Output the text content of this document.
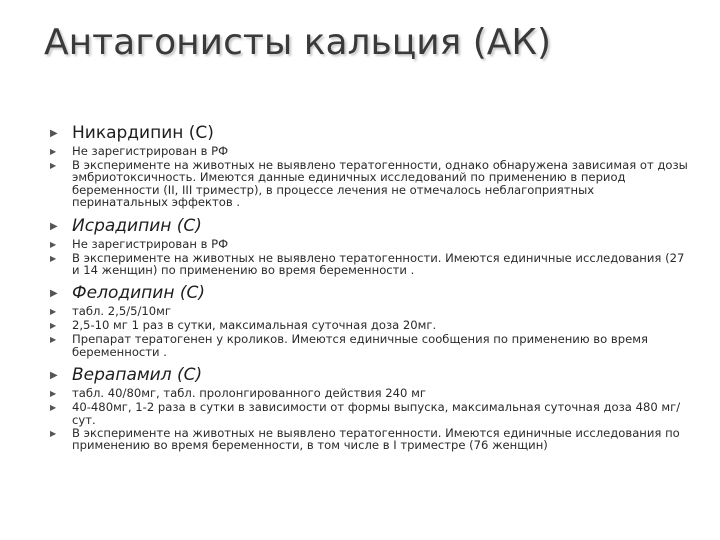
Антагонисты кальция (АК)
▶ Никардипин (С)
▶	Не зарегистрирован в РФ
▶	В эксперименте на животных не выявлено тератогенности, однако обнаружена зависимая от дозы эмбриотоксичность. Имеются данные единичных исследований по применению в период беременности (II, III триместр), в процессе лечения не отмечалось неблагоприятных перинатальных эффектов .
▶ Исрадипин (С)
▶	Не зарегистрирован в РФ
▶	В эксперименте на животных не выявлено тератогенности. Имеются единичные исследования (27 и 14 женщин) по применению во время беременности .
▶ Фелодипин (С)
▶	табл. 2,5/5/10мг
▶	2,5-10 мг 1 раз в сутки, максимальная суточная доза 20мг.
▶	Препарат тератогенен у кроликов. Имеются единичные сообщения по применению во время беременности .
▶ Верапамил (С)
▶	табл. 40/80мг, табл. пролонгированного действия 240 мг
▶	40-480мг, 1-2 раза в сутки в зависимости от формы выпуска, максимальная суточная доза 480 мг/сут.
▶	В эксперименте на животных не выявлено тератогенности. Имеются единичные исследования по применению во время беременности, в том числе в I триместре (76 женщин)
